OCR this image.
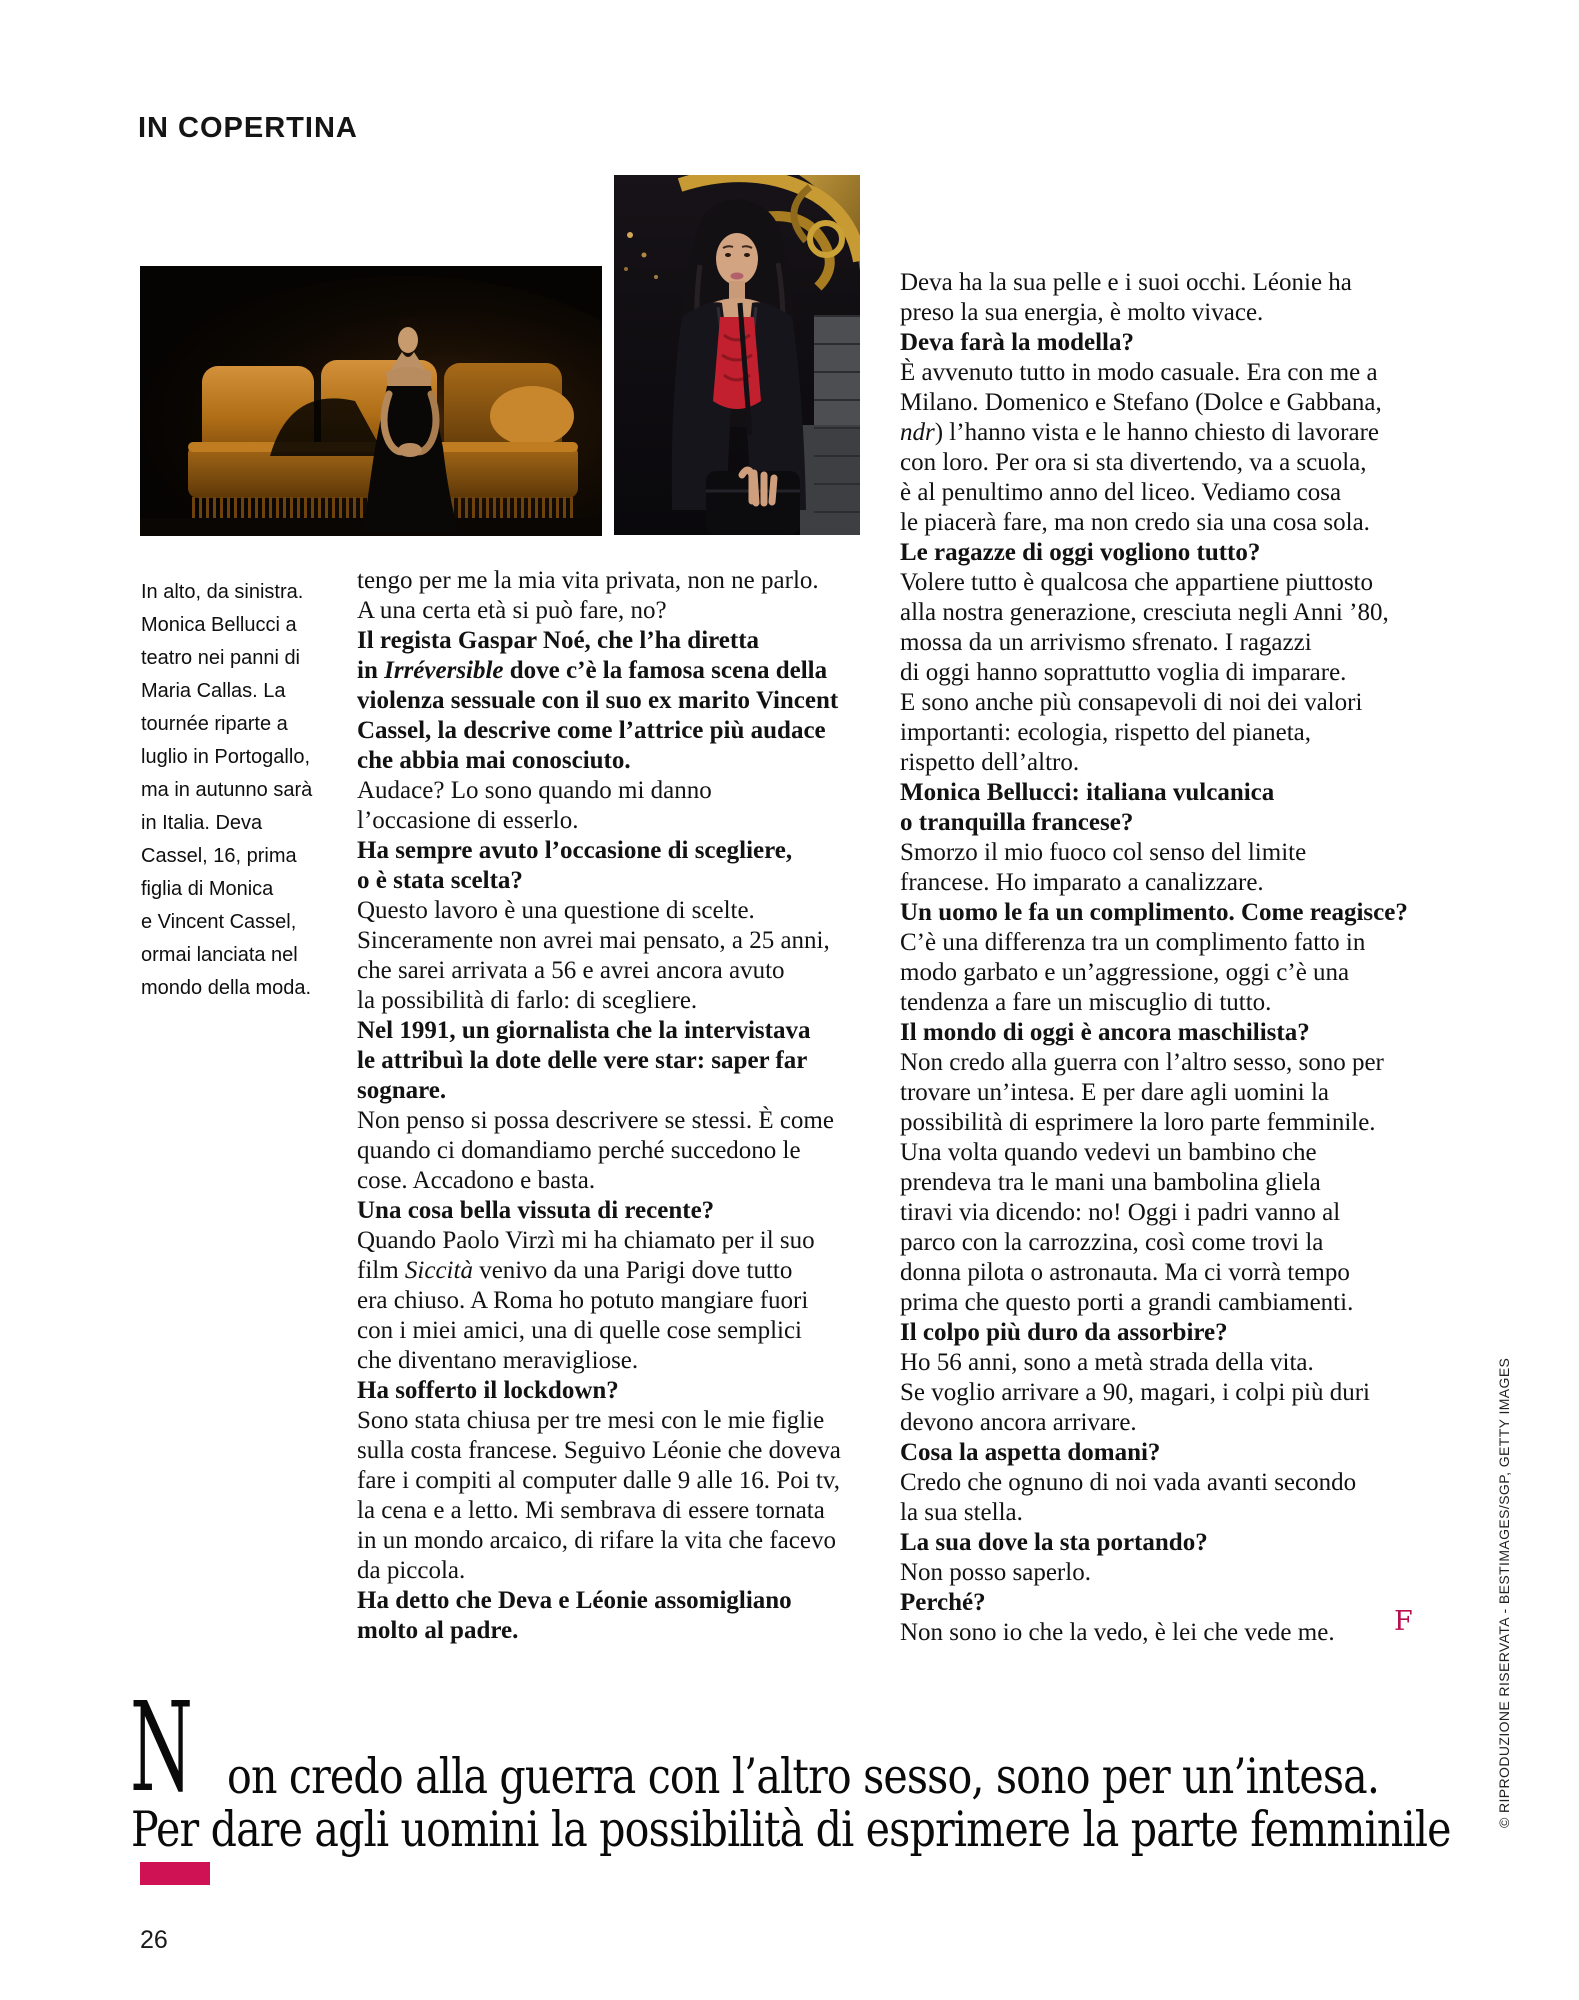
IN COPERTINA
In alto, da sinistra.
Monica Bellucci a
teatro nei panni di
Maria Callas. La
tournée riparte a
luglio in Portogallo,
ma in autunno sarà
in Italia. Deva
Cassel, 16, prima
figlia di Monica
e Vincent Cassel,
ormai lanciata nel
mondo della moda.
tengo per me la mia vita privata, non ne parlo.
A una certa età si può fare, no?
Il regista Gaspar Noé, che l’ha diretta
in Irréversible dove c’è la famosa scena della
violenza sessuale con il suo ex marito Vincent
Cassel, la descrive come l’attrice più audace
che abbia mai conosciuto.
Audace? Lo sono quando mi danno
l’occasione di esserlo.
Ha sempre avuto l’occasione di scegliere,
o è stata scelta?
Questo lavoro è una questione di scelte.
Sinceramente non avrei mai pensato, a 25 anni,
che sarei arrivata a 56 e avrei ancora avuto
la possibilità di farlo: di scegliere.
Nel 1991, un giornalista che la intervistava
le attribuì la dote delle vere star: saper far
sognare.
Non penso si possa descrivere se stessi. È come
quando ci domandiamo perché succedono le
cose. Accadono e basta.
Una cosa bella vissuta di recente?
Quando Paolo Virzì mi ha chiamato per il suo
film Siccità venivo da una Parigi dove tutto
era chiuso. A Roma ho potuto mangiare fuori
con i miei amici, una di quelle cose semplici
che diventano meravigliose.
Ha sofferto il lockdown?
Sono stata chiusa per tre mesi con le mie figlie
sulla costa francese. Seguivo Léonie che doveva
fare i compiti al computer dalle 9 alle 16. Poi tv,
la cena e a letto. Mi sembrava di essere tornata
in un mondo arcaico, di rifare la vita che facevo
da piccola.
Ha detto che Deva e Léonie assomigliano
molto al padre.
Deva ha la sua pelle e i suoi occhi. Léonie ha
preso la sua energia, è molto vivace.
Deva farà la modella?
È avvenuto tutto in modo casuale. Era con me a
Milano. Domenico e Stefano (Dolce e Gabbana,
ndr) l’hanno vista e le hanno chiesto di lavorare
con loro. Per ora si sta divertendo, va a scuola,
è al penultimo anno del liceo. Vediamo cosa
le piacerà fare, ma non credo sia una cosa sola.
Le ragazze di oggi vogliono tutto?
Volere tutto è qualcosa che appartiene piuttosto
alla nostra generazione, cresciuta negli Anni ’80,
mossa da un arrivismo sfrenato. I ragazzi
di oggi hanno soprattutto voglia di imparare.
E sono anche più consapevoli di noi dei valori
importanti: ecologia, rispetto del pianeta,
rispetto dell’altro.
Monica Bellucci: italiana vulcanica
o tranquilla francese?
Smorzo il mio fuoco col senso del limite
francese. Ho imparato a canalizzare.
Un uomo le fa un complimento. Come reagisce?
C’è una differenza tra un complimento fatto in
modo garbato e un’aggressione, oggi c’è una
tendenza a fare un miscuglio di tutto.
Il mondo di oggi è ancora maschilista?
Non credo alla guerra con l’altro sesso, sono per
trovare un’intesa. E per dare agli uomini la
possibilità di esprimere la loro parte femminile.
Una volta quando vedevi un bambino che
prendeva tra le mani una bambolina gliela
tiravi via dicendo: no! Oggi i padri vanno al
parco con la carrozzina, così come trovi la
donna pilota o astronauta. Ma ci vorrà tempo
prima che questo porti a grandi cambiamenti.
Il colpo più duro da assorbire?
Ho 56 anni, sono a metà strada della vita.
Se voglio arrivare a 90, magari, i colpi più duri
devono ancora arrivare.
Cosa la aspetta domani?
Credo che ognuno di noi vada avanti secondo
la sua stella.
La sua dove la sta portando?
Non posso saperlo.
Perché?
Non sono io che la vedo, è lei che vede me.	F
N on credo alla guerra con l’altro sesso, sono per un’intesa.
Per dare agli uomini la possibilità di esprimere la parte femminile
26
© RIPRODUZIONE RISERVATA - BESTIMAGES/SGP, GETTY IMAGES
